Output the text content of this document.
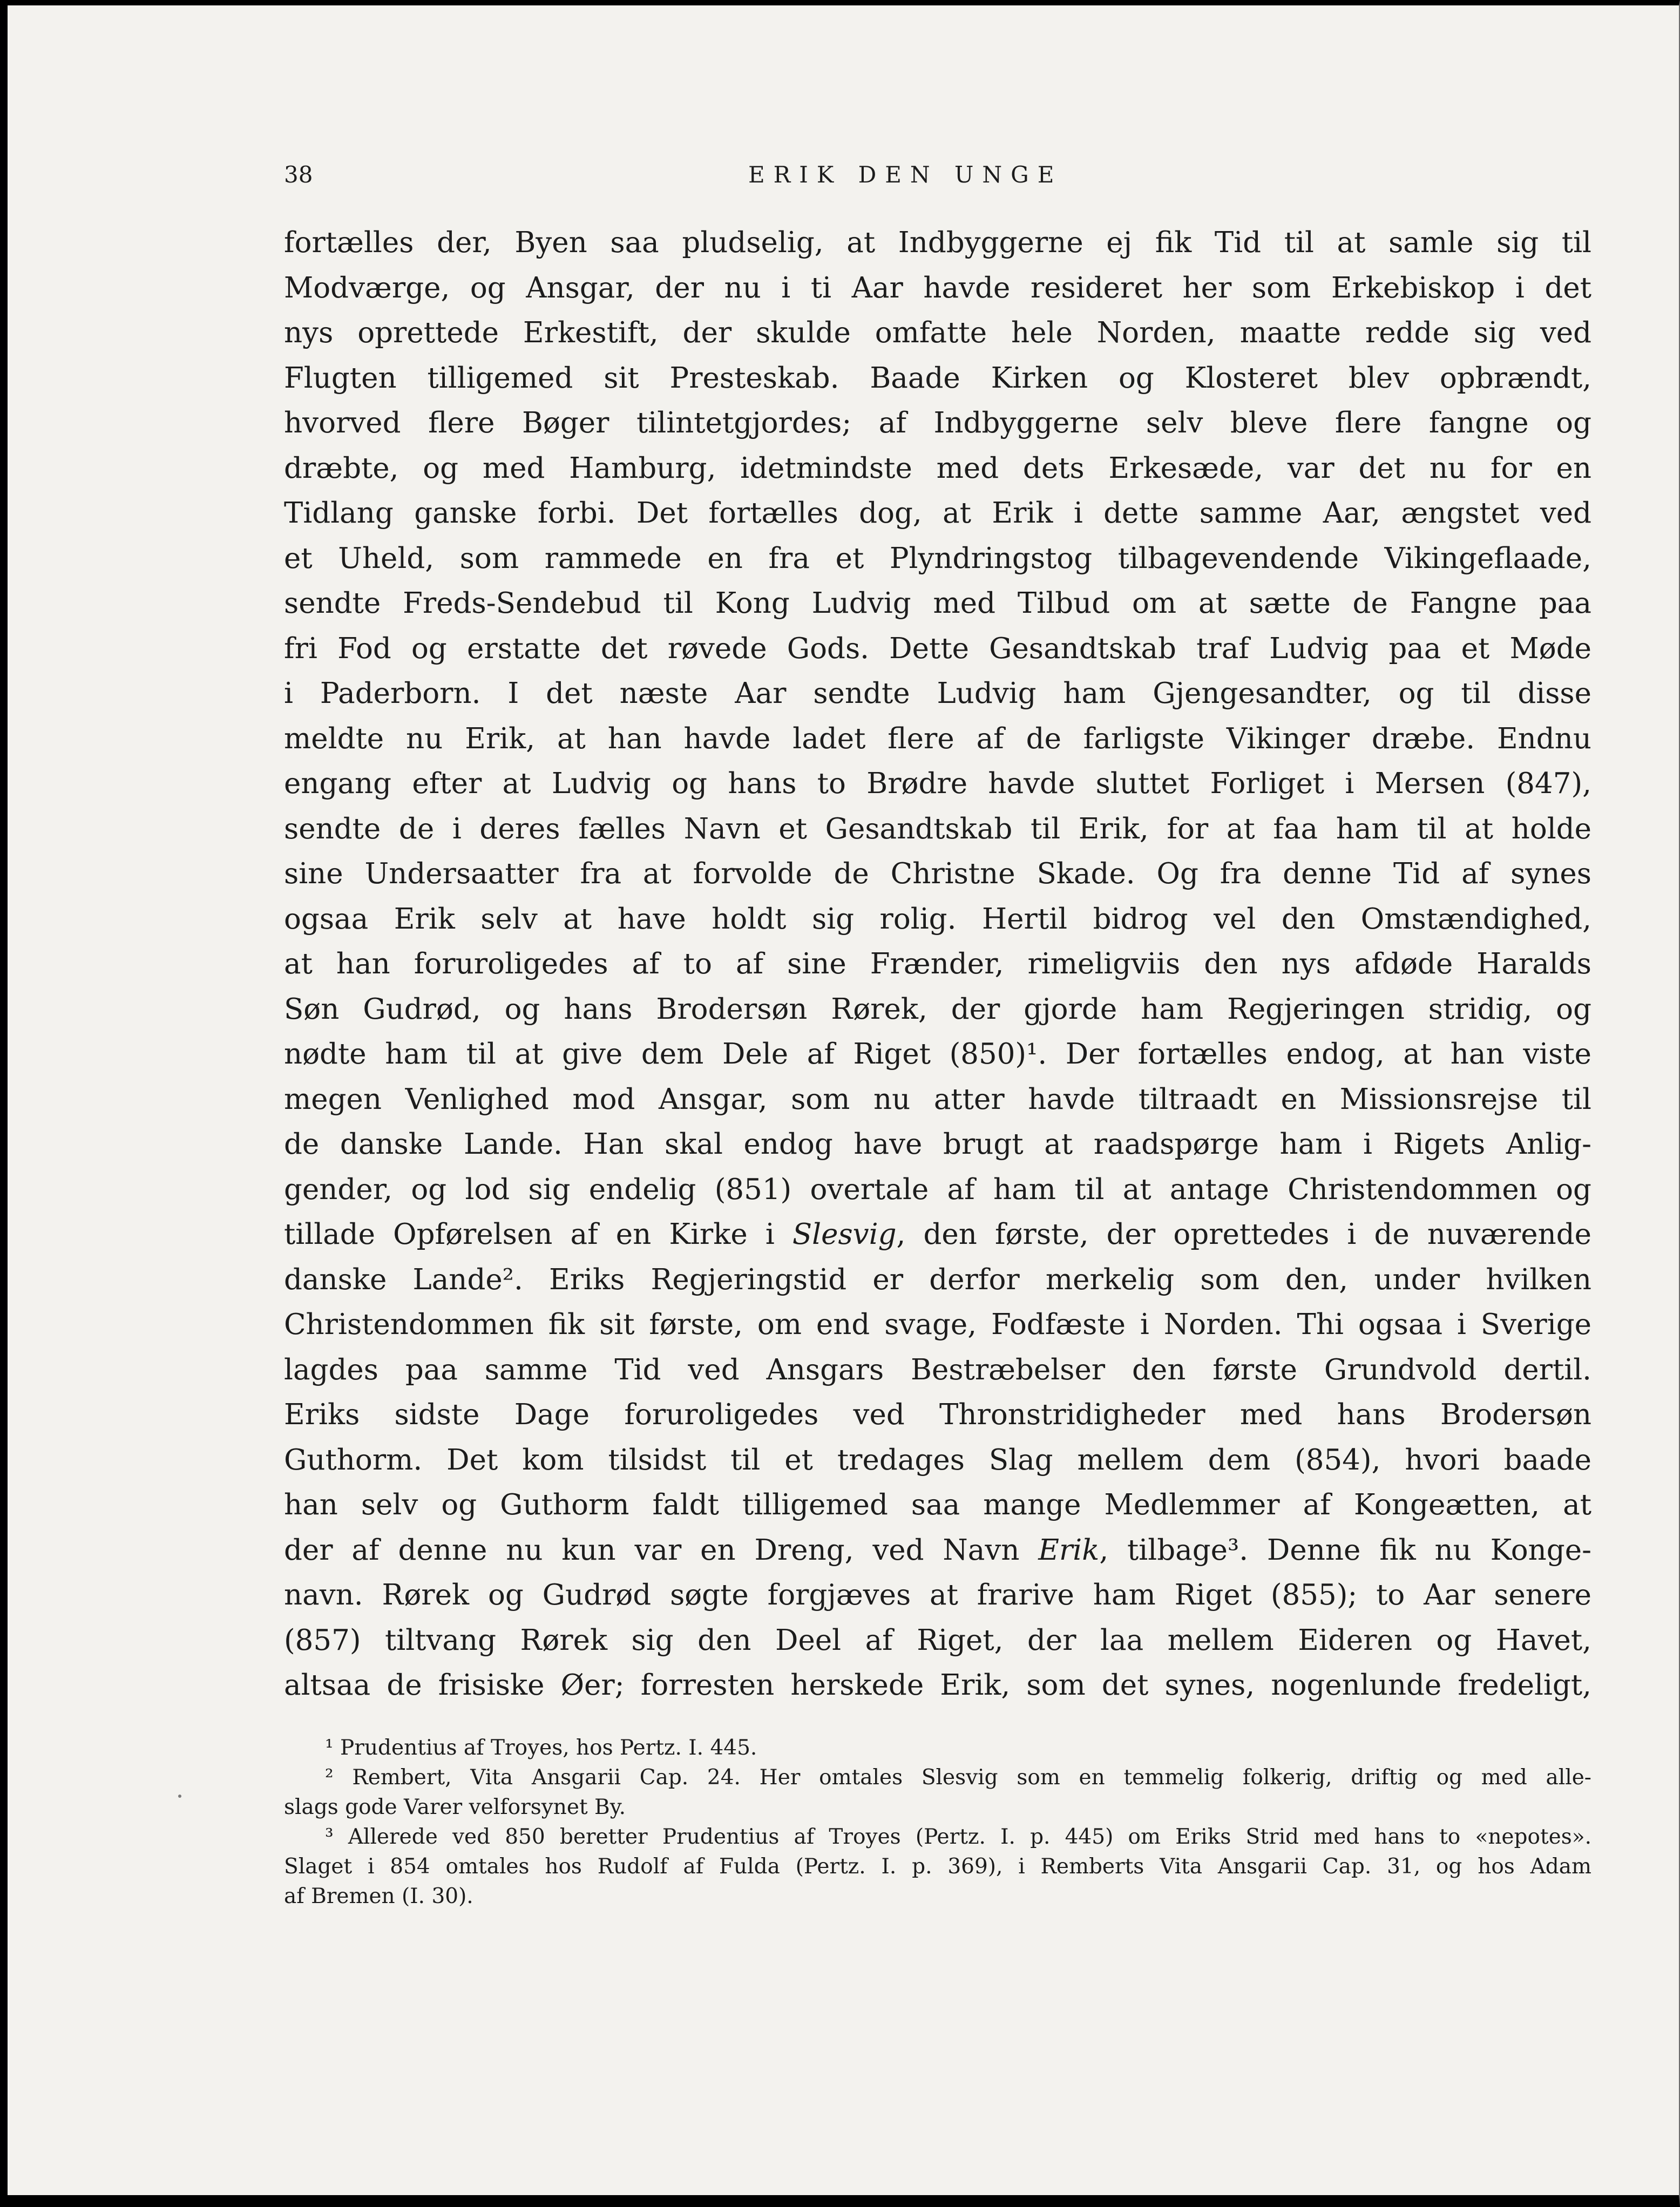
38	ERIK DEN UNGE
fortælles der, Byen saa pludselig, at Indbyggerne ej fik Tid til at samle sig til
Modværge, og Ansgar, der nu i ti Aar havde resideret her som Erkebiskop i det
nys oprettede Erkestift, der skulde omfatte hele Norden, maatte redde sig ved
Flugten tilligemed sit Presteskab. Baade Kirken og Klosteret blev opbrændt,
hvorved flere Bøger tilintetgjordes; af Indbyggerne selv bleve flere fangne og
dræbte, og med Hamburg, idetmindste med dets Erkesæde, var det nu for en
Tidlang ganske forbi. Det fortælles dog, at Erik i dette samme Aar, ængstet ved
et Uheld, som rammede en fra et Plyndringstog tilbagevendende Vikingeflaade,
sendte Freds-Sendebud til Kong Ludvig med Tilbud om at sætte de Fangne paa
fri Fod og erstatte det røvede Gods. Dette Gesandtskab traf Ludvig paa et Møde
i Paderborn. I det næste Aar sendte Ludvig ham Gjengesandter, og til disse
meldte nu Erik, at han havde ladet flere af de farligste Vikinger dræbe. Endnu
engang efter at Ludvig og hans to Brødre havde sluttet Forliget i Mersen (847),
sendte de i deres fælles Navn et Gesandtskab til Erik, for at faa ham til at holde
sine Undersaatter fra at forvolde de Christne Skade. Og fra denne Tid af synes
ogsaa Erik selv at have holdt sig rolig. Hertil bidrog vel den Omstændighed,
at han foruroligedes af to af sine Frænder, rimeligviis den nys afdøde Haralds
Søn Gudrød, og hans Brodersøn Rørek, der gjorde ham Regjeringen stridig, og
nødte ham til at give dem Dele af Riget (850)¹. Der fortælles endog, at han viste
megen Venlighed mod Ansgar, som nu atter havde tiltraadt en Missionsrejse til
de danske Lande. Han skal endog have brugt at raadspørge ham i Rigets Anlig-
gender, og lod sig endelig (851) overtale af ham til at antage Christendommen og
tillade Opførelsen af en Kirke i Slesvig, den første, der oprettedes i de nuværende
danske Lande². Eriks Regjeringstid er derfor merkelig som den, under hvilken
Christendommen fik sit første, om end svage, Fodfæste i Norden. Thi ogsaa i Sverige
lagdes paa samme Tid ved Ansgars Bestræbelser den første Grundvold dertil.
Eriks sidste Dage foruroligedes ved Thronstridigheder med hans Brodersøn
Guthorm. Det kom tilsidst til et tredages Slag mellem dem (854), hvori baade
han selv og Guthorm faldt tilligemed saa mange Medlemmer af Kongeætten, at
der af denne nu kun var en Dreng, ved Navn Erik, tilbage³. Denne fik nu Konge-
navn. Rørek og Gudrød søgte forgjæves at frarive ham Riget (855); to Aar senere
(857) tiltvang Rørek sig den Deel af Riget, der laa mellem Eideren og Havet,
altsaa de frisiske Øer; forresten herskede Erik, som det synes, nogenlunde fredeligt,
¹ Prudentius af Troyes, hos Pertz. I. 445.
² Rembert, Vita Ansgarii Cap. 24. Her omtales Slesvig som en temmelig folkerig, driftig og med alle-
slags gode Varer velforsynet By.
³ Allerede ved 850 beretter Prudentius af Troyes (Pertz. I. p. 445) om Eriks Strid med hans to «nepotes».
Slaget i 854 omtales hos Rudolf af Fulda (Pertz. I. p. 369), i Remberts Vita Ansgarii Cap. 31, og hos Adam
af Bremen (I. 30).
